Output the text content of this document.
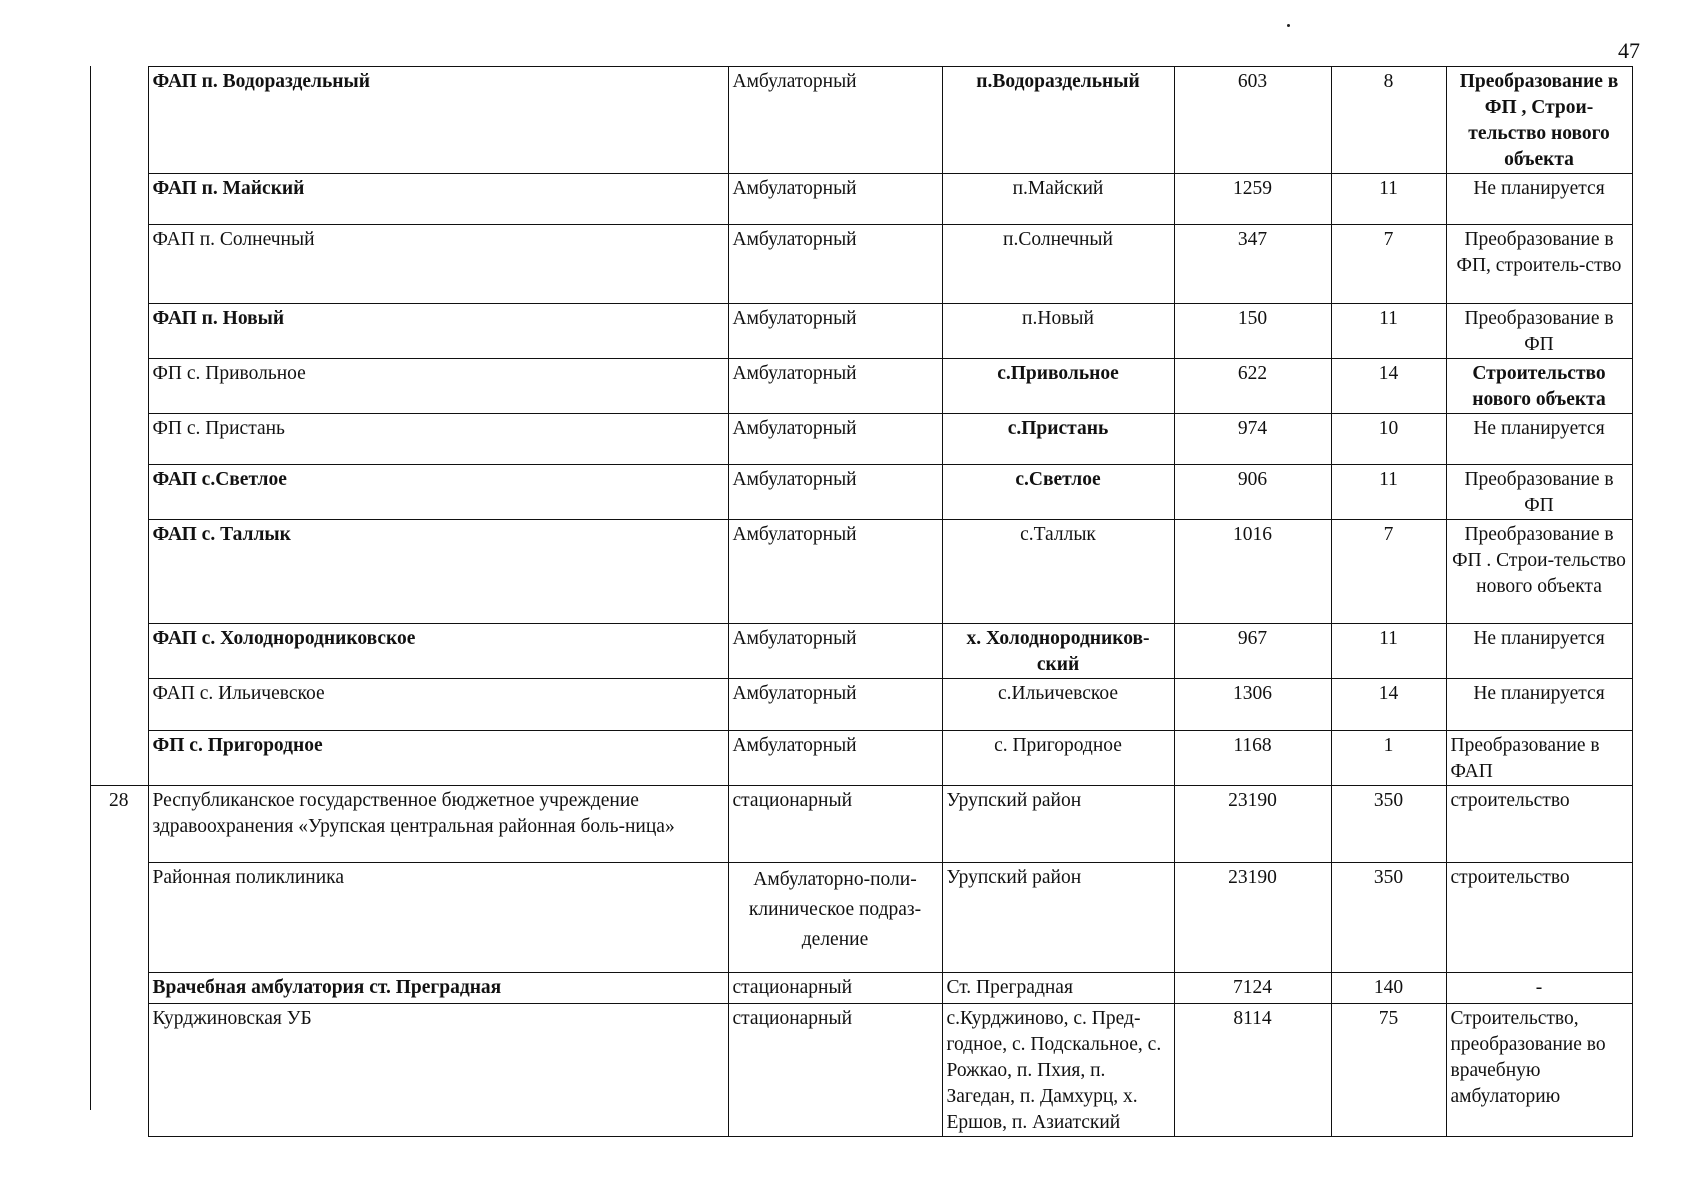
47
	ФАП п. Водораздельный	Амбулаторный	п.Водораздельный	603	8	Преобразование в ФП , Строи-тельство нового объекта
	ФАП п. Майский	Амбулаторный	п.Майский	1259	11	Не планируется
	ФАП п. Солнечный	Амбулаторный	п.Солнечный	347	7	Преобразование в ФП, строитель-ство
	ФАП п. Новый	Амбулаторный	п.Новый	150	11	Преобразование в ФП
	ФП с. Привольное	Амбулаторный	с.Привольное	622	14	Строительство нового объекта
	ФП с. Пристань	Амбулаторный	с.Пристань	974	10	Не планируется
	ФАП с.Светлое	Амбулаторный	с.Светлое	906	11	Преобразование в ФП
	ФАП с. Таллык	Амбулаторный	с.Таллык	1016	7	Преобразование в ФП . Строи-тельство нового объекта
	ФАП с. Холоднородниковское	Амбулаторный	х. Холоднородников-ский	967	11	Не планируется
	ФАП с. Ильичевское	Амбулаторный	с.Ильичевское	1306	14	Не планируется
	ФП с. Пригородное	Амбулаторный	с. Пригородное	1168	1	Преобразование в ФАП
28	Республиканское государственное бюджетное учреждение здравоохранения «Урупская центральная районная боль-ница»	стационарный	Урупский район	23190	350	строительство
	Районная поликлиника	Амбулаторно-поли-клиническое подраз-деление	Урупский район	23190	350	строительство
	Врачебная амбулатория ст. Преградная	стационарный	Ст. Преградная	7124	140	-
	Курджиновская УБ	стационарный	с.Курджиново, с. Пред-годное, с. Подскальное, с. Рожкао, п. Пхия, п. Загедан, п. Дамхурц, х. Ершов, п. Азиатский	8114	75	Строительство, преобразование во врачебную амбулаторию
